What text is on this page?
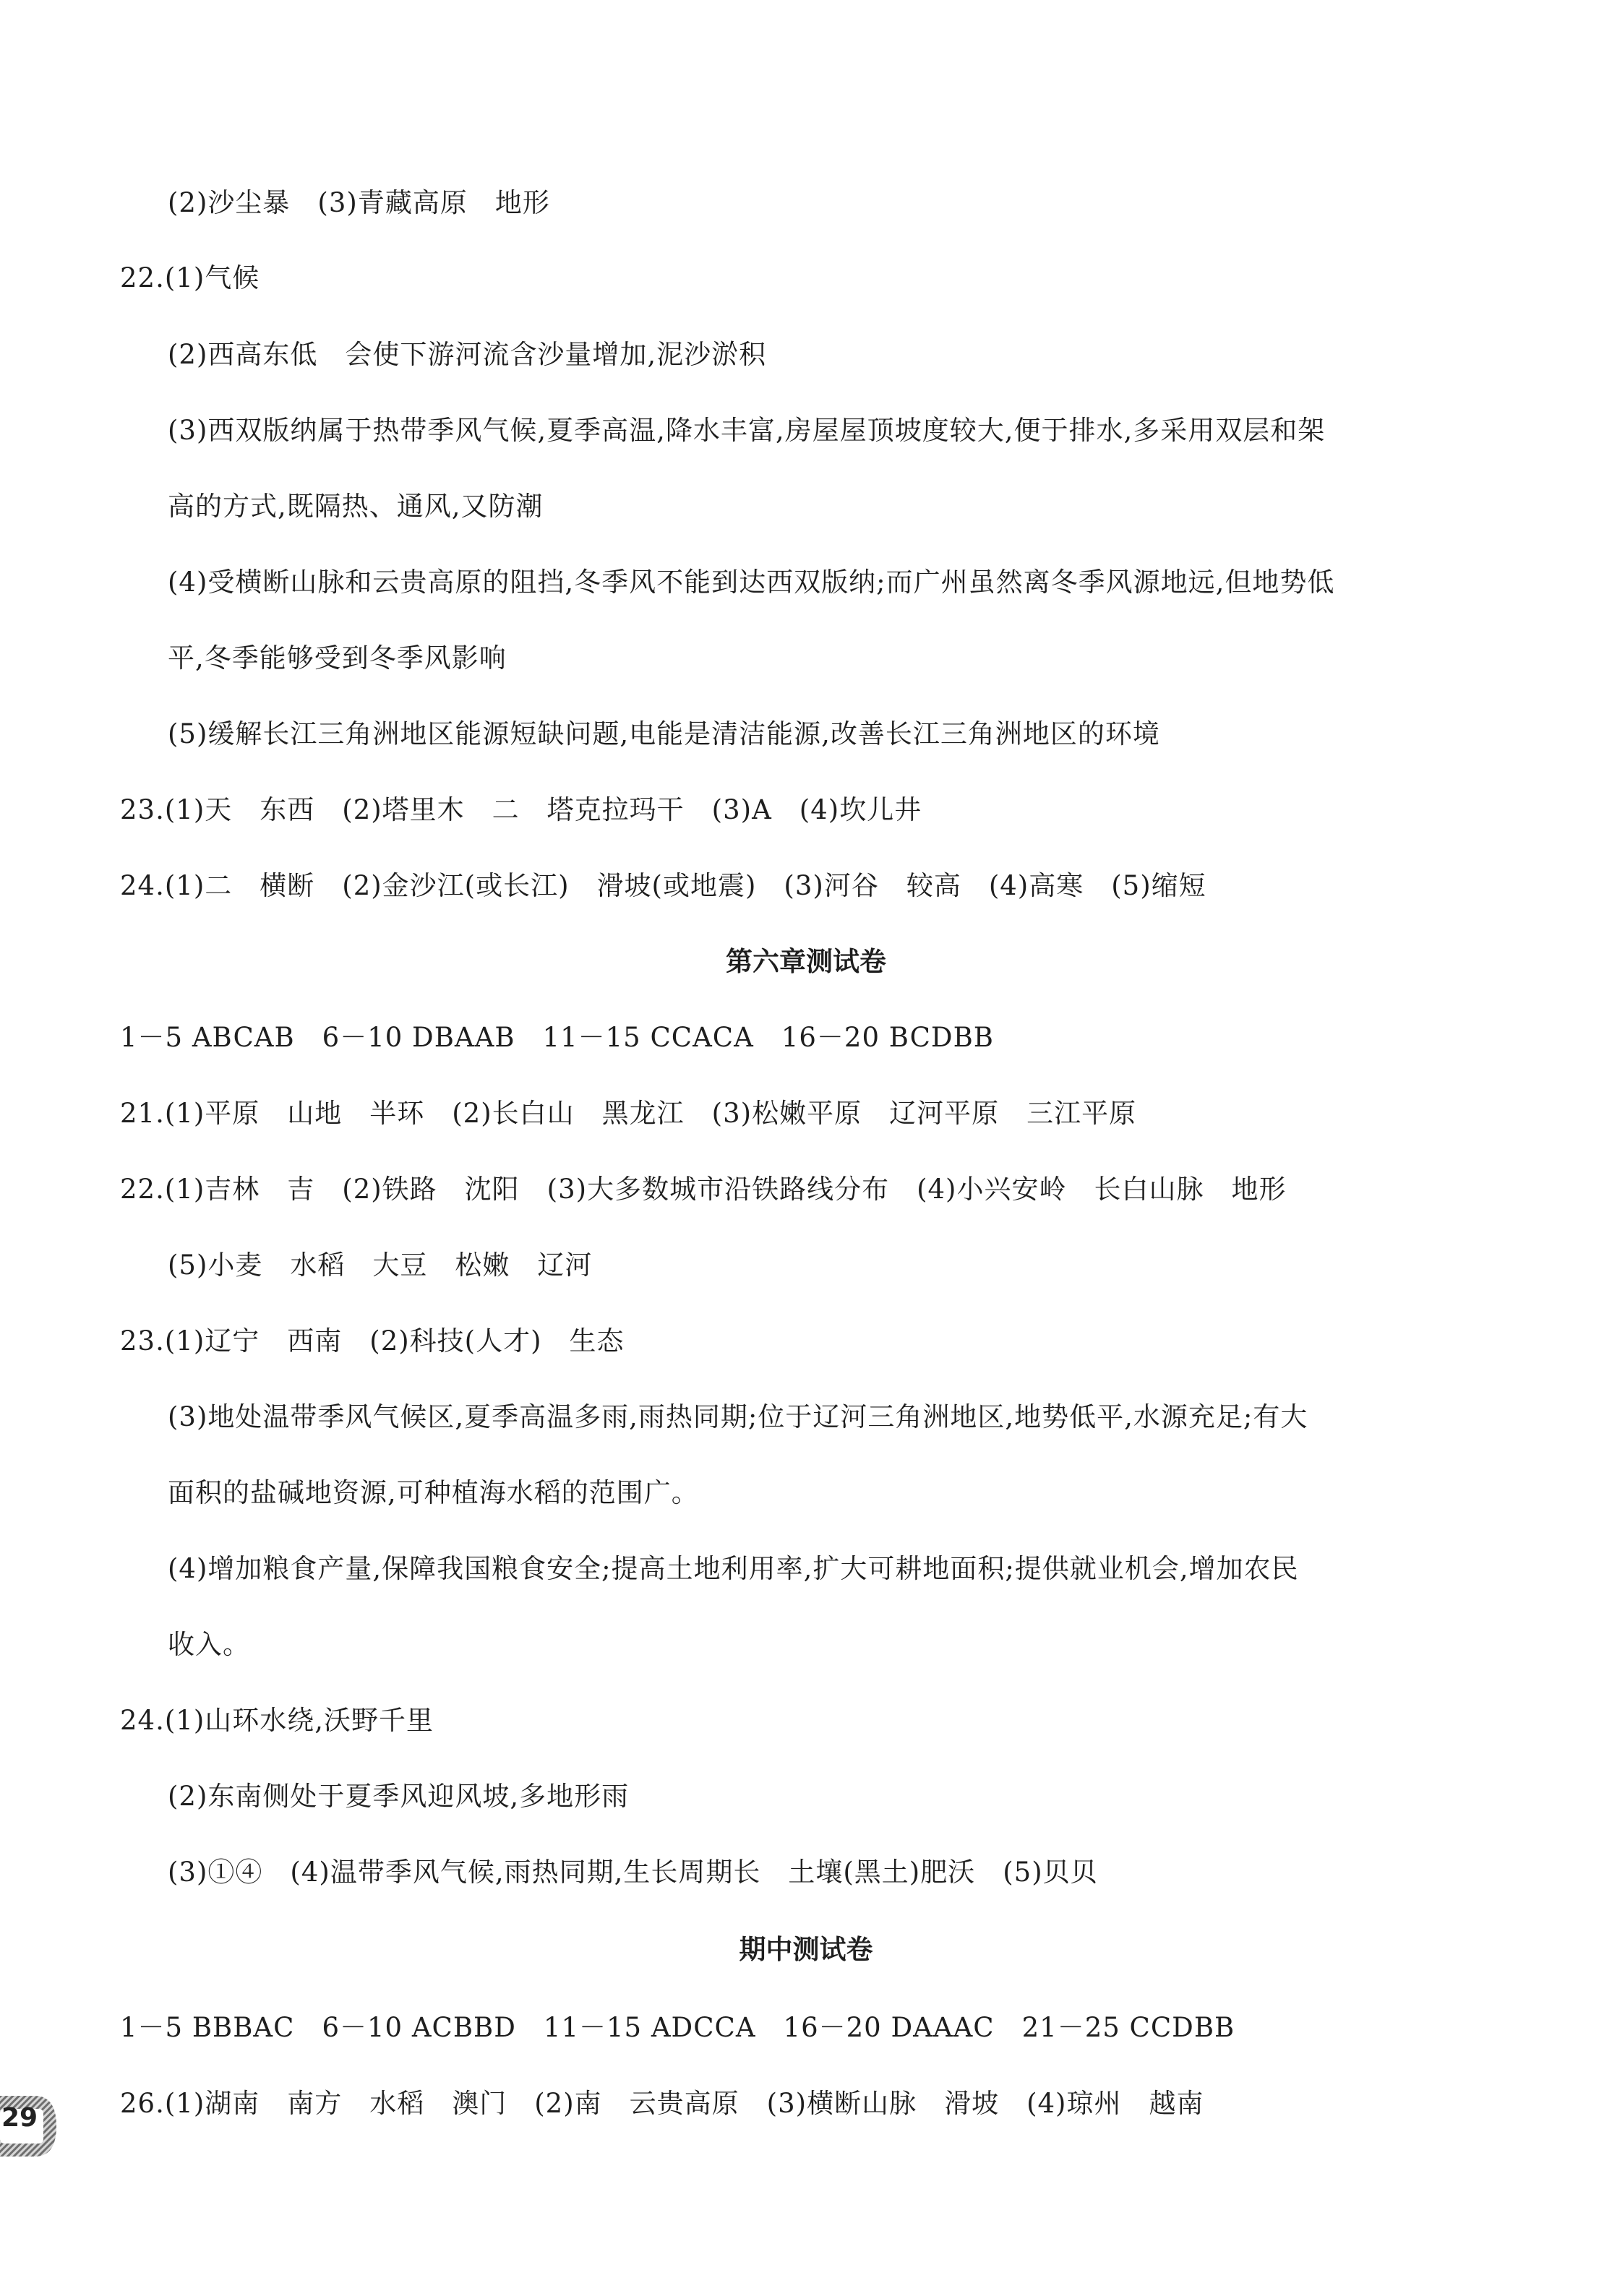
(2)沙尘暴　(3)青藏高原　地形
22.(1)气候
(2)西高东低　会使下游河流含沙量增加,泥沙淤积
(3)西双版纳属于热带季风气候,夏季高温,降水丰富,房屋屋顶坡度较大,便于排水,多采用双层和架
高的方式,既隔热、通风,又防潮
(4)受横断山脉和云贵高原的阻挡,冬季风不能到达西双版纳;而广州虽然离冬季风源地远,但地势低
平,冬季能够受到冬季风影响
(5)缓解长江三角洲地区能源短缺问题,电能是清洁能源,改善长江三角洲地区的环境
23.(1)天　东西　(2)塔里木　二　塔克拉玛干　(3)A　(4)坎儿井
24.(1)二　横断　(2)金沙江(或长江)　滑坡(或地震)　(3)河谷　较高　(4)高寒　(5)缩短
第六章测试卷
1－5 ABCAB　6－10 DBAAB　11－15 CCACA　16－20 BCDBB
21.(1)平原　山地　半环　(2)长白山　黑龙江　(3)松嫩平原　辽河平原　三江平原
22.(1)吉林　吉　(2)铁路　沈阳　(3)大多数城市沿铁路线分布　(4)小兴安岭　长白山脉　地形
(5)小麦　水稻　大豆　松嫩　辽河
23.(1)辽宁　西南　(2)科技(人才)　生态
(3)地处温带季风气候区,夏季高温多雨,雨热同期;位于辽河三角洲地区,地势低平,水源充足;有大
面积的盐碱地资源,可种植海水稻的范围广。
(4)增加粮食产量,保障我国粮食安全;提高土地利用率,扩大可耕地面积;提供就业机会,增加农民
收入。
24.(1)山环水绕,沃野千里
(2)东南侧处于夏季风迎风坡,多地形雨
(3)①④　(4)温带季风气候,雨热同期,生长周期长　土壤(黑土)肥沃　(5)贝贝
期中测试卷
1－5 BBBAC　6－10 ACBBD　11－15 ADCCA　16－20 DAAAC　21－25 CCDBB
26.(1)湖南　南方　水稻　澳门　(2)南　云贵高原　(3)横断山脉　滑坡　(4)琼州　越南
29
